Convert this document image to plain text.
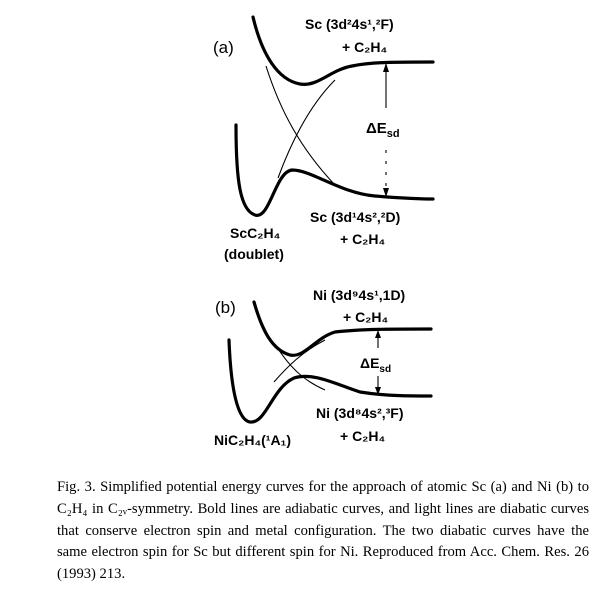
(a)
$\Delta E_{sd}$
Sc (3d²4s¹,²F)
+ C₂H₄
Sc (3d¹4s²,²D)
+ C₂H₄
ScC₂H₄
(doublet)
(b)
$\Delta E_{sd}$
Ni (3d⁹4s¹,1D)
+ C₂H₄
Ni (3d⁸4s²,³F)
+ C₂H₄
NiC₂H₄(¹A₁)

Fig. 3. Simplified potential energy curves for the approach of atomic Sc (a) and Ni (b) to C₂H₄ in C₂ᵥ-symmetry. Bold lines are adiabatic curves, and light lines are diabatic curves that conserve electron spin and metal configuration. The two diabatic curves have the same electron spin for Sc but different spin for Ni. Reproduced from Acc. Chem. Res. 26 (1993) 213.
